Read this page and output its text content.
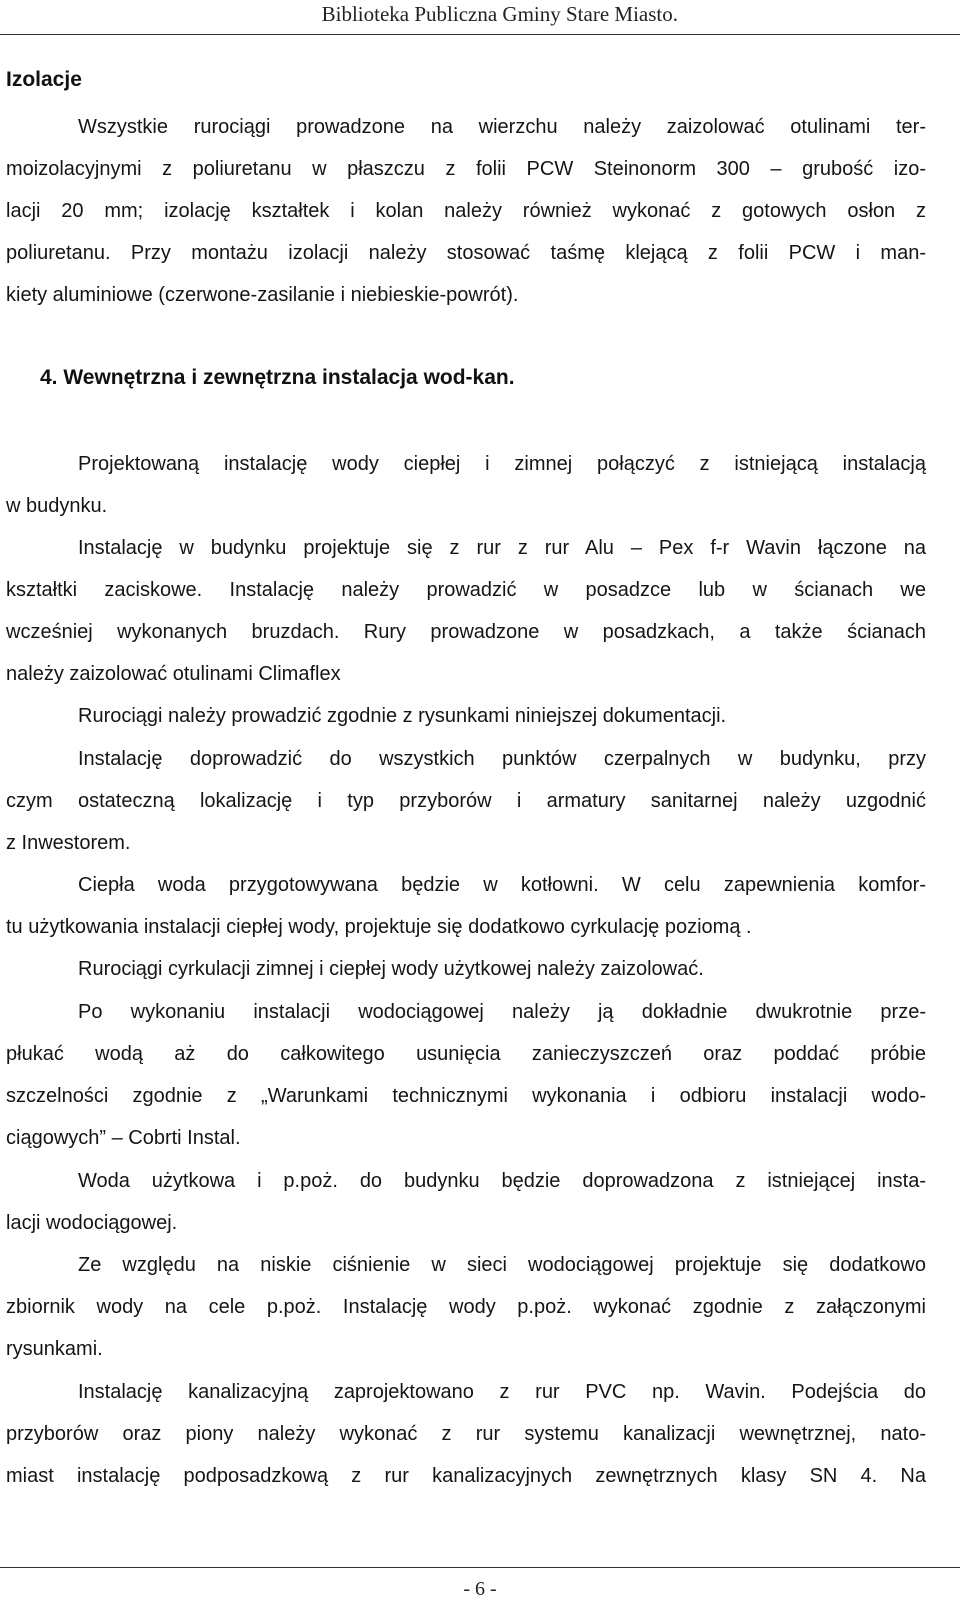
Biblioteka Publiczna Gminy Stare Miasto.
Izolacje
Wszystkie rurociągi prowadzone na wierzchu należy zaizolować otulinami ter-
moizolacyjnymi z poliuretanu w płaszczu z folii PCW Steinonorm 300 – grubość izo-
lacji 20 mm; izolację kształtek i kolan należy również wykonać z gotowych osłon z
poliuretanu. Przy montażu izolacji należy stosować taśmę klejącą z folii PCW i man-
kiety aluminiowe (czerwone-zasilanie i niebieskie-powrót).
4. Wewnętrzna i zewnętrzna instalacja wod-kan.
Projektowaną instalację wody ciepłej i zimnej połączyć z istniejącą instalacją
w budynku.
Instalację w budynku projektuje się z rur z rur Alu – Pex f-r Wavin łączone na
kształtki zaciskowe. Instalację należy prowadzić w posadzce lub w ścianach we
wcześniej wykonanych bruzdach. Rury prowadzone w posadzkach, a także ścianach
należy zaizolować otulinami Climaflex
Rurociągi należy prowadzić zgodnie z rysunkami niniejszej dokumentacji.
Instalację doprowadzić do wszystkich punktów czerpalnych w budynku, przy
czym ostateczną lokalizację i typ przyborów i armatury sanitarnej należy uzgodnić
z Inwestorem.
Ciepła woda przygotowywana będzie w kotłowni. W celu zapewnienia komfor-
tu użytkowania instalacji ciepłej wody, projektuje się dodatkowo cyrkulację poziomą .
Rurociągi cyrkulacji zimnej i ciepłej wody użytkowej należy zaizolować.
Po wykonaniu instalacji wodociągowej należy ją dokładnie dwukrotnie prze-
płukać wodą aż do całkowitego usunięcia zanieczyszczeń oraz poddać próbie
szczelności zgodnie z „Warunkami technicznymi wykonania i odbioru instalacji wodo-
ciągowych” – Cobrti Instal.
Woda użytkowa i p.poż. do budynku będzie doprowadzona z istniejącej insta-
lacji wodociągowej.
Ze względu na niskie ciśnienie w sieci wodociągowej projektuje się dodatkowo
zbiornik wody na cele p.poż. Instalację wody p.poż. wykonać zgodnie z załączonymi
rysunkami.
Instalację kanalizacyjną zaprojektowano z rur PVC np. Wavin. Podejścia do
przyborów oraz piony należy wykonać z rur systemu kanalizacji wewnętrznej, nato-
miast instalację podposadzkową z rur kanalizacyjnych zewnętrznych klasy SN 4. Na
- 6 -
